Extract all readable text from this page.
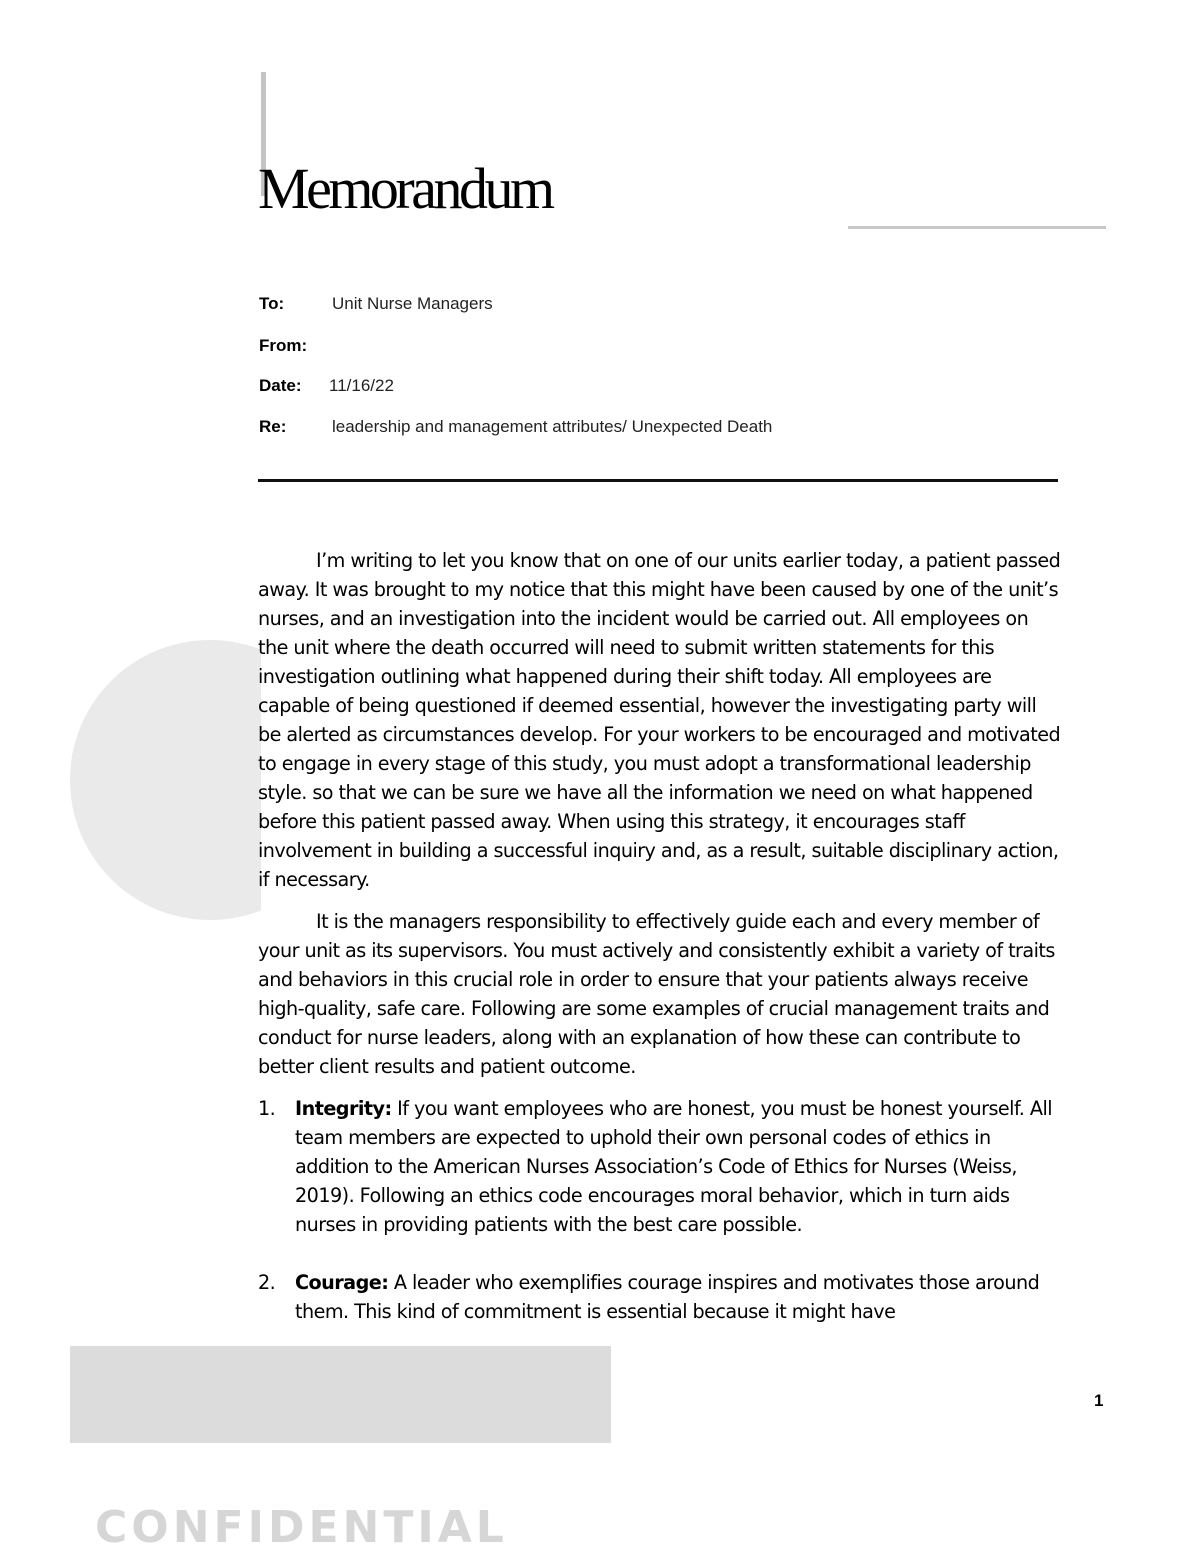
Memorandum
To:	Unit Nurse Managers
From:
Date: 11/16/22
Re:	leadership and management attributes/ Unexpected Death

I’m writing to let you know that on one of our units earlier today, a patient passed away. It was brought to my notice that this might have been caused by one of the unit’s nurses, and an investigation into the incident would be carried out. All employees on the unit where the death occurred will need to submit written statements for this investigation outlining what happened during their shift today. All employees are capable of being questioned if deemed essential, however the investigating party will be alerted as circumstances develop. For your workers to be encouraged and motivated to engage in every stage of this study, you must adopt a transformational leadership style. so that we can be sure we have all the information we need on what happened before this patient passed away. When using this strategy, it encourages staff involvement in building a successful inquiry and, as a result, suitable disciplinary action, if necessary.

It is the managers responsibility to effectively guide each and every member of your unit as its supervisors. You must actively and consistently exhibit a variety of traits and behaviors in this crucial role in order to ensure that your patients always receive high-quality, safe care. Following are some examples of crucial management traits and conduct for nurse leaders, along with an explanation of how these can contribute to better client results and patient outcome.

1. Integrity: If you want employees who are honest, you must be honest yourself. All team members are expected to uphold their own personal codes of ethics in addition to the American Nurses Association’s Code of Ethics for Nurses (Weiss, 2019). Following an ethics code encourages moral behavior, which in turn aids nurses in providing patients with the best care possible.
2. Courage: A leader who exemplifies courage inspires and motivates those around them. This kind of commitment is essential because it might have
1
CONFIDENTIAL
